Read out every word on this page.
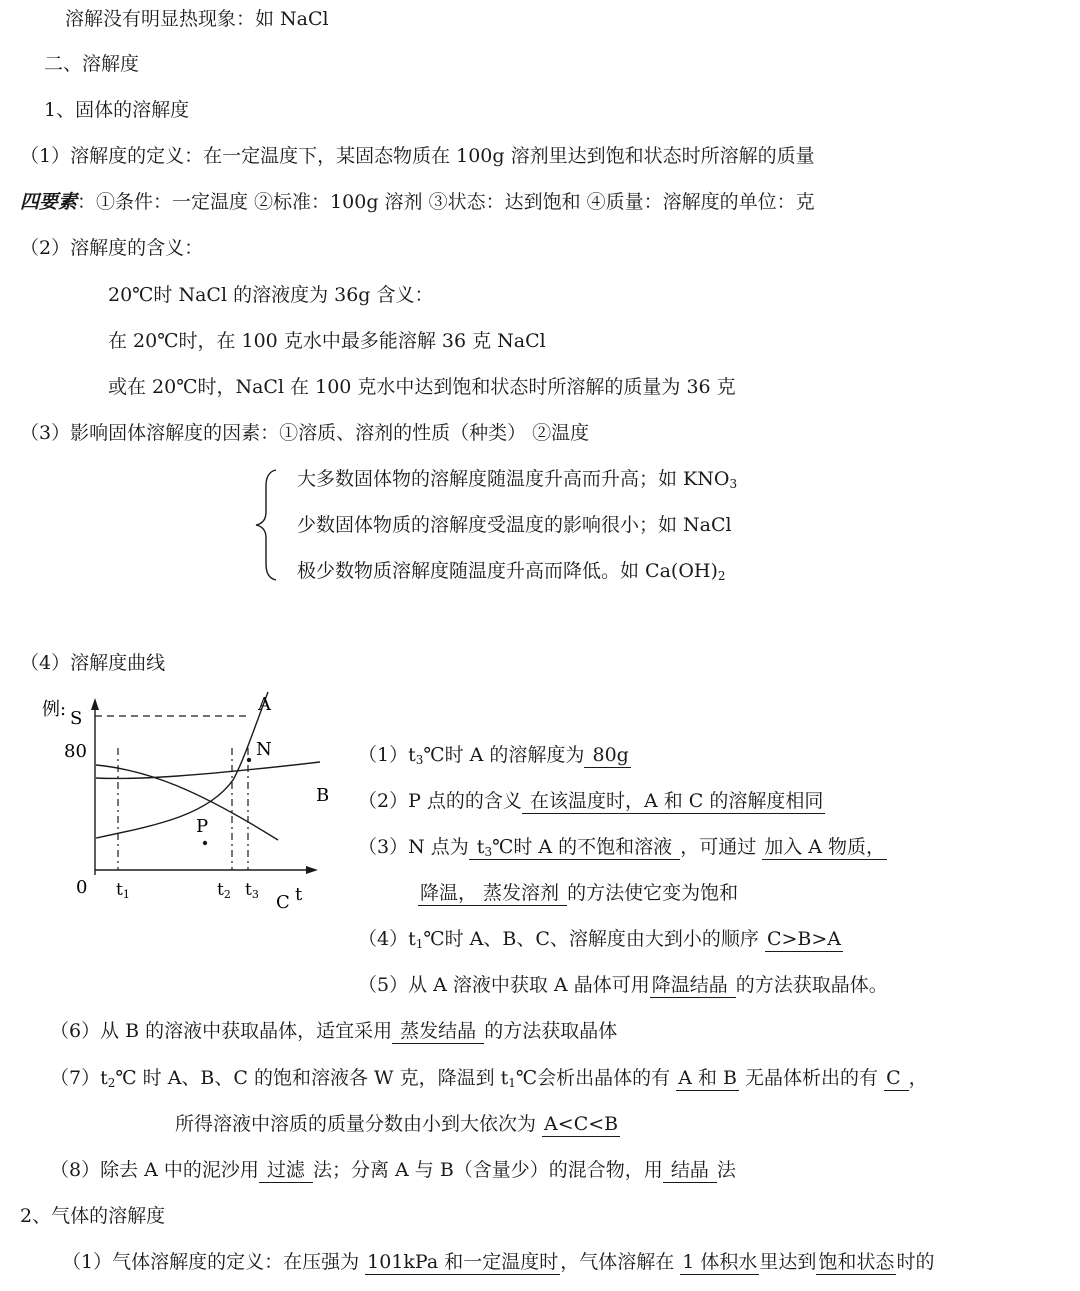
溶解没有明显热现象：如 NaCl
二、溶解度
1、固体的溶解度
（1）溶解度的定义：在一定温度下，某固态物质在 100g 溶剂里达到饱和状态时所溶解的质量
四要素：①条件：一定温度 ②标准：100g 溶剂 ③状态：达到饱和 ④质量：溶解度的单位：克
（2）溶解度的含义：
20℃时 NaCl 的溶液度为 36g 含义：
在 20℃时，在 100 克水中最多能溶解 36 克 NaCl
或在 20℃时，NaCl 在 100 克水中达到饱和状态时所溶解的质量为 36 克
（3）影响固体溶解度的因素：①溶质、溶剂的性质（种类） ②温度
大多数固体物的溶解度随温度升高而升高；如 $KNO_3$
少数固体物质的溶解度受温度的影响很小；如 NaCl
极少数物质溶解度随温度升高而降低。如 $Ca(OH)_2$
（4）溶解度曲线
例: S
80
0
A
B
C
P
N
t
t1	t2 t3
$(1)t_3℃$时 A 的溶解度为 80g
（2）P 点的的含义 在该温度时，A 和 C 的溶解度相同
（3）N 点为 $t_3℃$时 A 的不饱和溶液 ，可通过 加入 A 物质，
降温， 蒸发溶剂 的方法使它变为饱和
$(4)t_1℃$时 A、B、C、溶解度由大到小的顺序 C>B>A
（5）从 A 溶液中获取 A 晶体可用 降温结晶 的方法获取晶体。
（6）从 B 的溶液中获取晶体，适宜采用 蒸发结晶 的方法获取晶体
$(7)t_2℃$ 时 A、B、C 的饱和溶液各 W 克，降温到 $t_1℃$会析出晶体的有 A 和 B 无晶体析出的有 C ，
所得溶液中溶质的质量分数由小到大依次为 A<C<B
（8）除去 A 中的泥沙用 过滤 法；分离 A 与 B（含量少）的混合物，用 结晶 法
2、气体的溶解度
（1）气体溶解度的定义：在压强为 101kPa 和一定温度时 ，气体溶解在 1 体积水 里达到 饱和状态 时的
